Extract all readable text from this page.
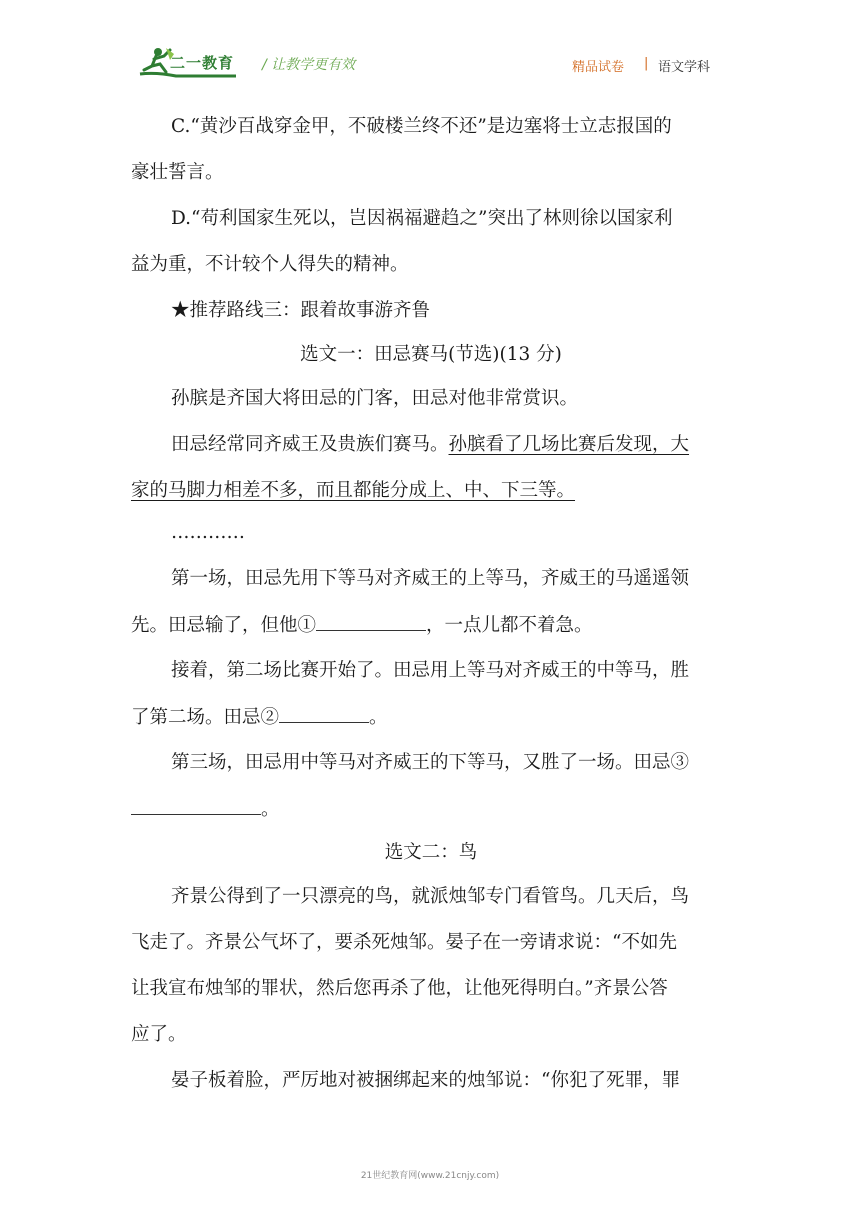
二一教育 / 让教学更有效	精品试卷 | 语文学科
C.“黄沙百战穿金甲，不破楼兰终不还”是边塞将士立志报国的
豪壮誓言。
D.“苟利国家生死以，岂因祸福避趋之”突出了林则徐以国家利
益为重，不计较个人得失的精神。
★推荐路线三：跟着故事游齐鲁
选文一：田忌赛马(节选)(13 分)
孙膑是齐国大将田忌的门客，田忌对他非常赏识。
田忌经常同齐威王及贵族们赛马。孙膑看了几场比赛后发现，大
家的马脚力相差不多，而且都能分成上、中、下三等。
…………
第一场，田忌先用下等马对齐威王的上等马，齐威王的马遥遥领
先。田忌输了，但他①	，一点儿都不着急。
接着，第二场比赛开始了。田忌用上等马对齐威王的中等马，胜
了第二场。田忌②	。
第三场，田忌用中等马对齐威王的下等马，又胜了一场。田忌③
。
选文二：鸟
齐景公得到了一只漂亮的鸟，就派烛邹专门看管鸟。几天后，鸟
飞走了。齐景公气坏了，要杀死烛邹。晏子在一旁请求说：“不如先
让我宣布烛邹的罪状，然后您再杀了他，让他死得明白。”齐景公答
应了。
晏子板着脸，严厉地对被捆绑起来的烛邹说：“你犯了死罪，罪
21世纪教育网(www.21cnjy.com)
